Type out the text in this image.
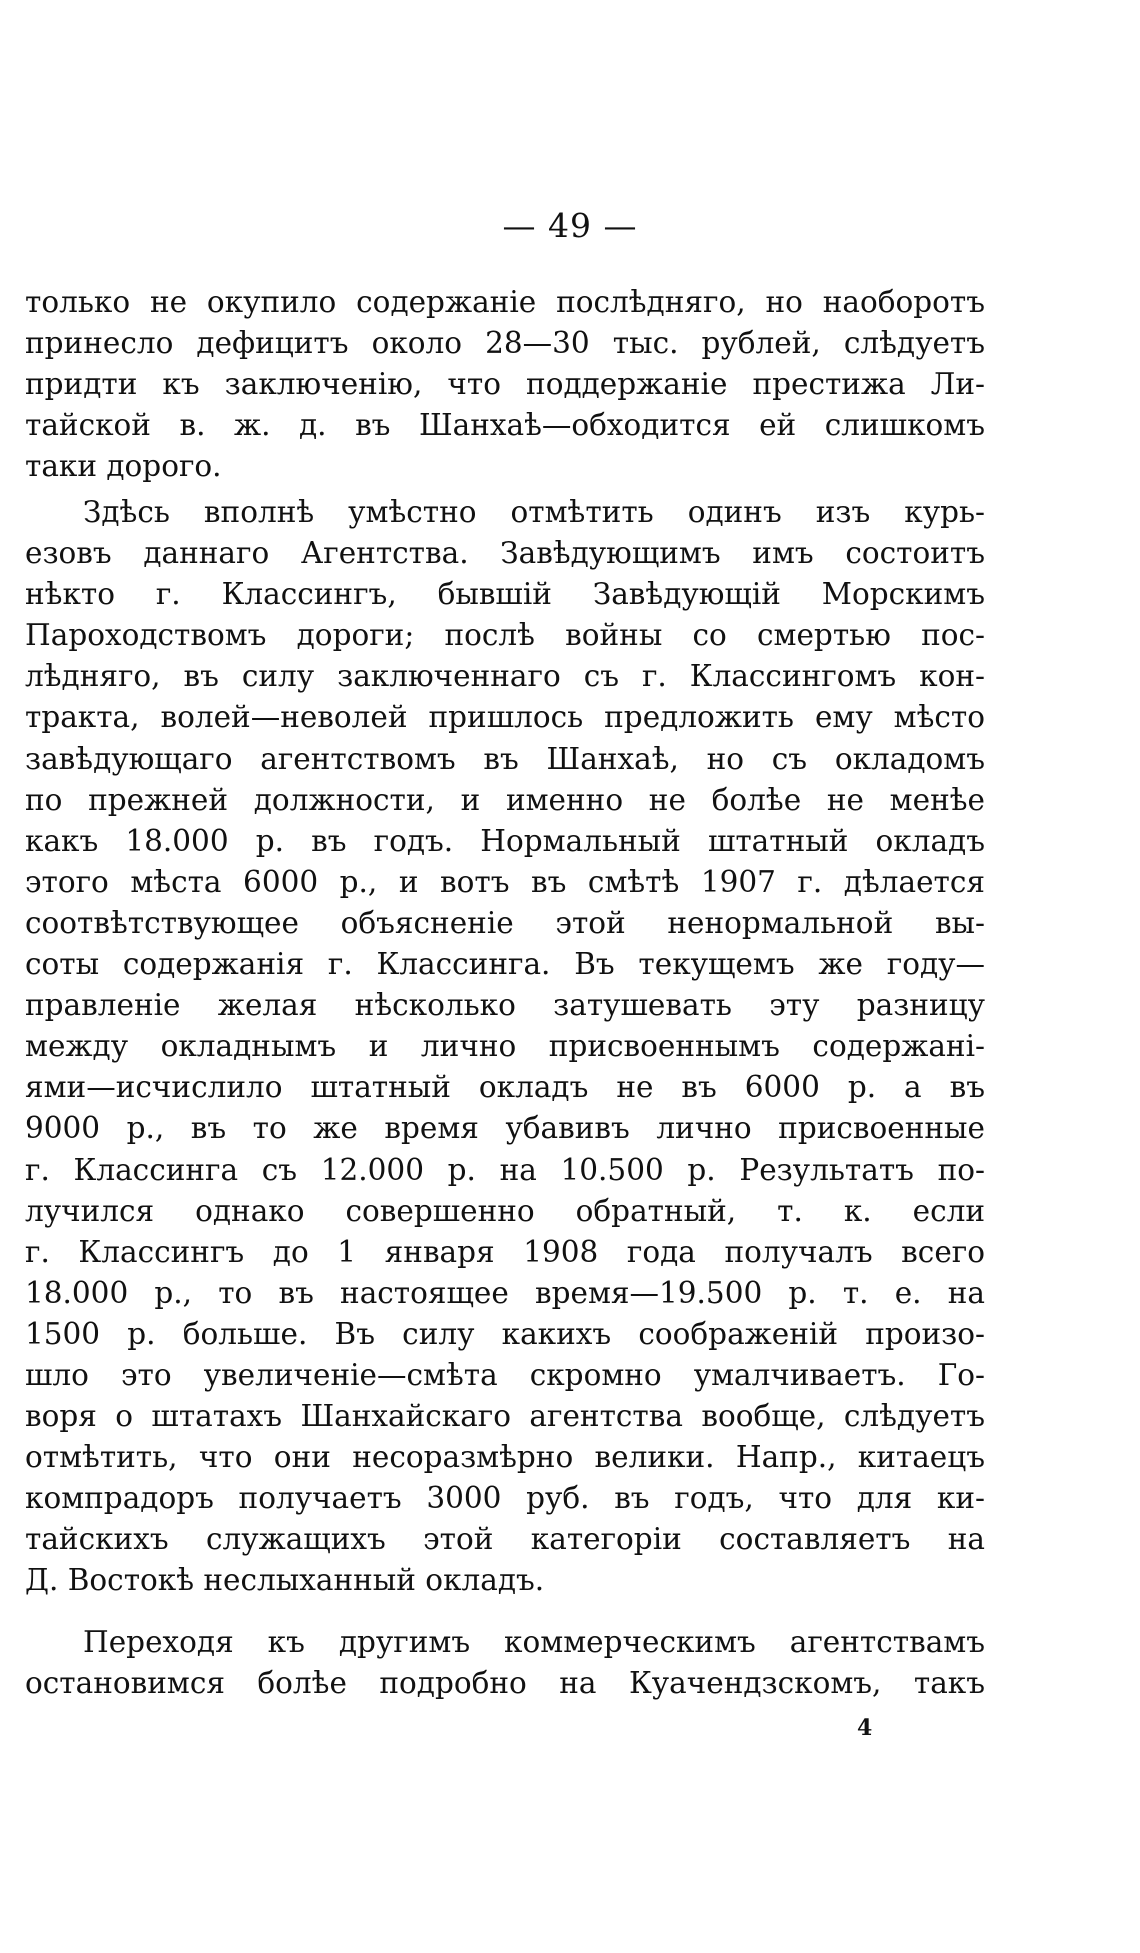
— 49 —
только не окупило содержаніе послѣдняго, но наоборотъ
принесло дефицитъ около 28—30 тыс. рублей, слѣдуетъ
придти къ заключенію, что поддержаніе престижа Ли-
тайской в. ж. д. въ Шанхаѣ—обходится ей слишкомъ
таки дорого.
Здѣсь вполнѣ умѣстно отмѣтить одинъ изъ курь-
езовъ даннаго Агентства. Завѣдующимъ имъ состоитъ
нѣкто г. Классингъ, бывшій Завѣдующій Морскимъ
Пароходствомъ дороги; послѣ войны со смертью пос-
лѣдняго, въ силу заключеннаго съ г. Классингомъ кон-
тракта, волей—неволей пришлось предложить ему мѣсто
завѣдующаго агентствомъ въ Шанхаѣ, но съ окладомъ
по прежней должности, и именно не болѣе не менѣе
какъ 18.000 р. въ годъ. Нормальный штатный окладъ
этого мѣста 6000 р., и вотъ въ смѣтѣ 1907 г. дѣлается
соотвѣтствующее объясненіе этой ненормальной вы-
соты содержанія г. Классинга. Въ текущемъ же году—
правленіе желая нѣсколько затушевать эту разницу
между окладнымъ и лично присвоеннымъ содержані-
ями—исчислило штатный окладъ не въ 6000 р. а въ
9000 р., въ то же время убавивъ лично присвоенные
г. Классинга съ 12.000 р. на 10.500 р. Результатъ по-
лучился однако совершенно обратный, т. к. если
г. Классингъ до 1 января 1908 года получалъ всего
18.000 р., то въ настоящее время—19.500 р. т. е. на
1500 р. больше. Въ силу какихъ соображеній произо-
шло это увеличеніе—смѣта скромно умалчиваетъ. Го-
воря о штатахъ Шанхайскаго агентства вообще, слѣдуетъ
отмѣтить, что они несоразмѣрно велики. Напр., китаецъ
компрадоръ получаетъ 3000 руб. въ годъ, что для ки-
тайскихъ служащихъ этой категоріи составляетъ на
Д. Востокѣ неслыханный окладъ.
Переходя къ другимъ коммерческимъ агентствамъ
остановимся болѣе подробно на Куачендзскомъ, такъ
4
